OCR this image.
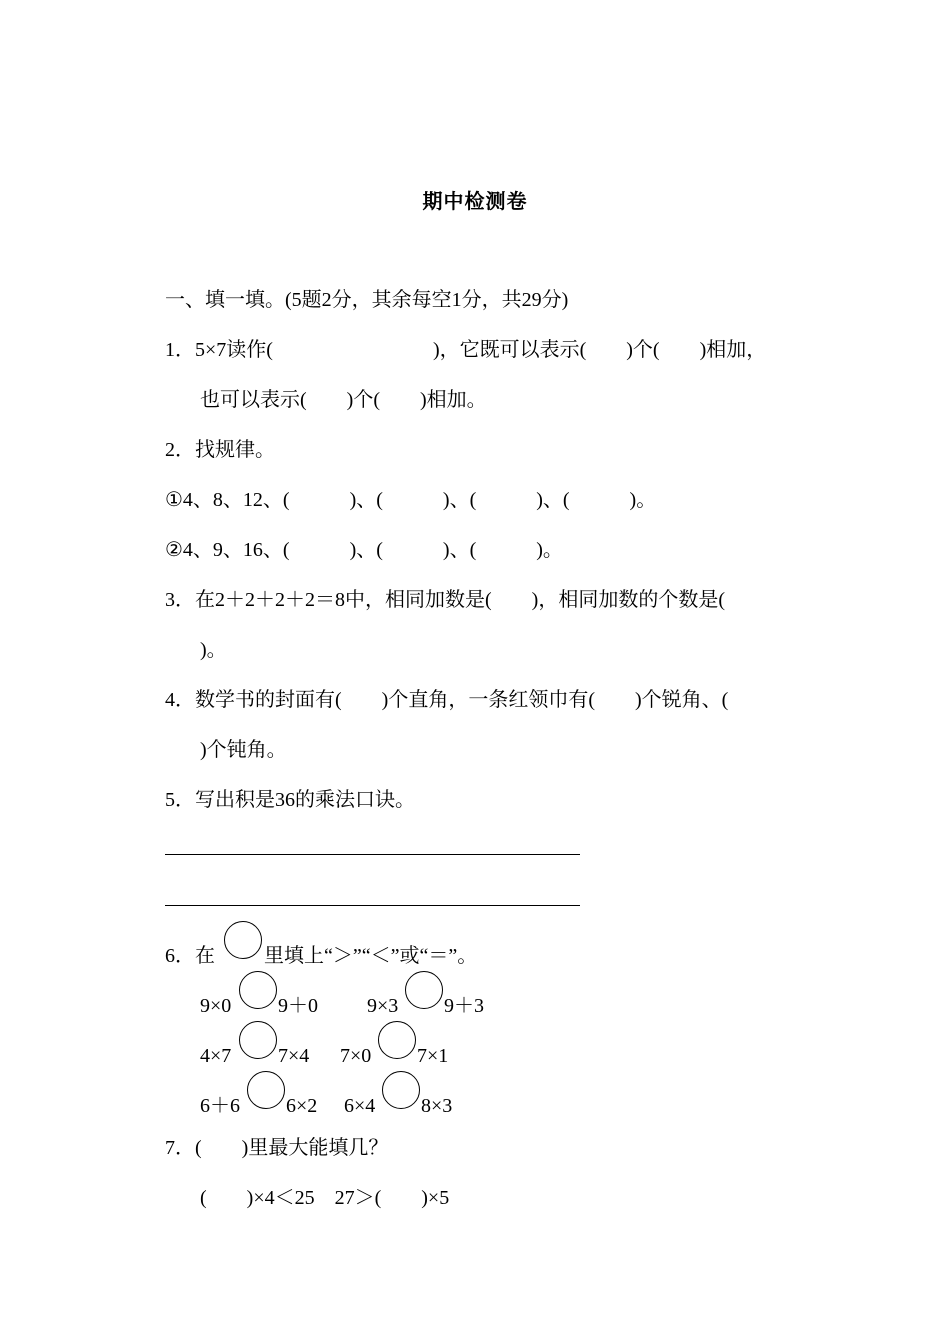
期中检测卷

一、填一填。(5题2分，其余每空1分，共29分)

1．5×7读作(　　　　　　　　)，它既可以表示(　　)个(　　)相加，

也可以表示(　　)个(　　)相加。

2．找规律。

①4、8、12、(　　　)、(　　　)、(　　　)、(　　　)。

②4、9、16、(　　　)、(　　　)、(　　　)。

3．在2＋2＋2＋2＝8中，相同加数是(　　)，相同加数的个数是(

)。

4．数学书的封面有(　　)个直角，一条红领巾有(　　)个锐角、(

)个钝角。

5．写出积是36的乘法口诀。

6．在 里填上“＞”“＜”或“＝”。

9×0 9＋0 9×3 9＋3

4×7 7×4 7×0 7×1

6＋6 6×2 6×4 8×3

7．(　　)里最大能填几？

(　　)×4＜25　27＞(　　)×5
